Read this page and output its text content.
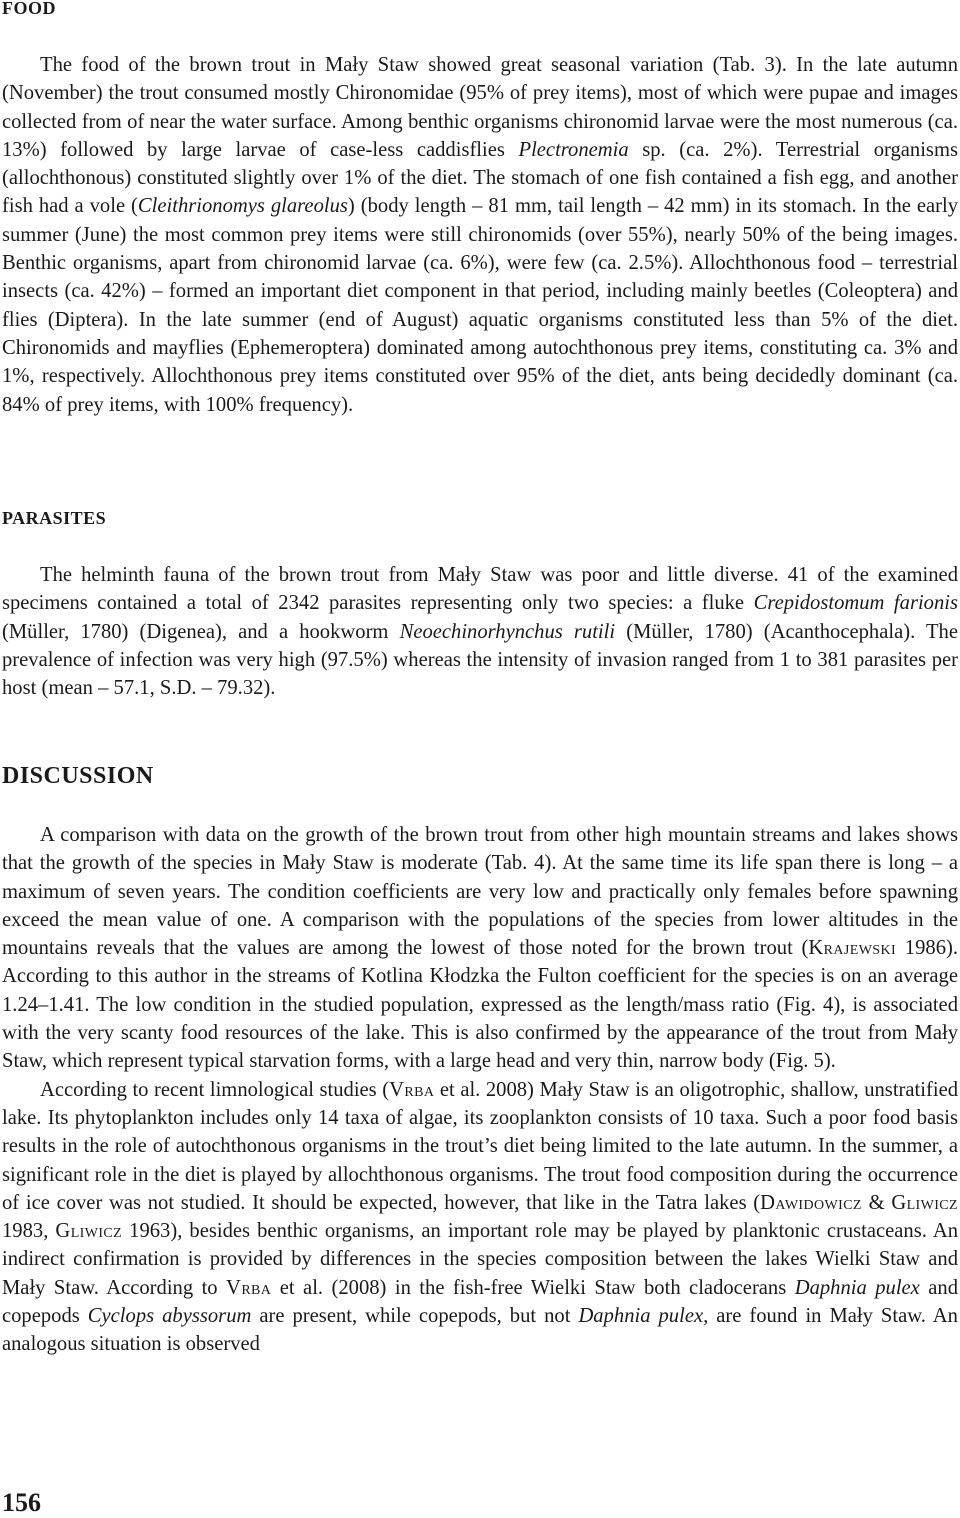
FOOD

The food of the brown trout in Mały Staw showed great seasonal variation (Tab. 3). In the late autumn (November) the trout consumed mostly Chironomidae (95% of prey items), most of which were pupae and images collected from of near the water surface. Among benthic organisms chironomid larvae were the most numerous (ca. 13%) followed by large larvae of case-less caddisflies Plectronemia sp. (ca. 2%). Terrestrial organisms (allochthonous) constituted slightly over 1% of the diet. The stomach of one fish contained a fish egg, and another fish had a vole (Cleithrionomys glareolus) (body length – 81 mm, tail length – 42 mm) in its stomach. In the early summer (June) the most common prey items were still chironomids (over 55%), nearly 50% of the being images. Benthic organisms, apart from chironomid larvae (ca. 6%), were few (ca. 2.5%). Allochthonous food – terrestrial insects (ca. 42%) – formed an important diet component in that period, including mainly beetles (Coleoptera) and flies (Diptera). In the late summer (end of August) aquatic organisms constituted less than 5% of the diet. Chironomids and mayflies (Ephemeroptera) dominated among autochthonous prey items, constituting ca. 3% and 1%, respectively. Allochthonous prey items constituted over 95% of the diet, ants being decidedly dominant (ca. 84% of prey items, with 100% frequency).

PARASITES

The helminth fauna of the brown trout from Mały Staw was poor and little diverse. 41 of the examined specimens contained a total of 2342 parasites representing only two species: a fluke Crepidostomum farionis (Müller, 1780) (Digenea), and a hookworm Neoechinorhynchus rutili (Müller, 1780) (Acanthocephala). The prevalence of infection was very high (97.5%) whereas the intensity of invasion ranged from 1 to 381 parasites per host (mean – 57.1, S.D. – 79.32).

DISCUSSION

A comparison with data on the growth of the brown trout from other high mountain streams and lakes shows that the growth of the species in Mały Staw is moderate (Tab. 4). At the same time its life span there is long – a maximum of seven years. The condition coefficients are very low and practically only females before spawning exceed the mean value of one. A comparison with the populations of the species from lower altitudes in the mountains reveals that the values are among the lowest of those noted for the brown trout (Krajewski 1986). According to this author in the streams of Kotlina Kłodzka the Fulton coefficient for the species is on an average 1.24–1.41. The low condition in the studied population, expressed as the length/mass ratio (Fig. 4), is associated with the very scanty food resources of the lake. This is also confirmed by the appearance of the trout from Mały Staw, which represent typical starvation forms, with a large head and very thin, narrow body (Fig. 5).

According to recent limnological studies (Vrba et al. 2008) Mały Staw is an oligotrophic, shallow, unstratified lake. Its phytoplankton includes only 14 taxa of algae, its zooplankton consists of 10 taxa. Such a poor food basis results in the role of autochthonous organisms in the trout’s diet being limited to the late autumn. In the summer, a significant role in the diet is played by allochthonous organisms. The trout food composition during the occurrence of ice cover was not studied. It should be expected, however, that like in the Tatra lakes (Dawidowicz & Gliwicz 1983, Gliwicz 1963), besides benthic organisms, an important role may be played by planktonic crustaceans. An indirect confirmation is provided by differences in the species composition between the lakes Wielki Staw and Mały Staw. According to Vrba et al. (2008) in the fish-free Wielki Staw both cladocerans Daphnia pulex and copepods Cyclops abyssorum are present, while copepods, but not Daphnia pulex, are found in Mały Staw. An analogous situation is observed

156
